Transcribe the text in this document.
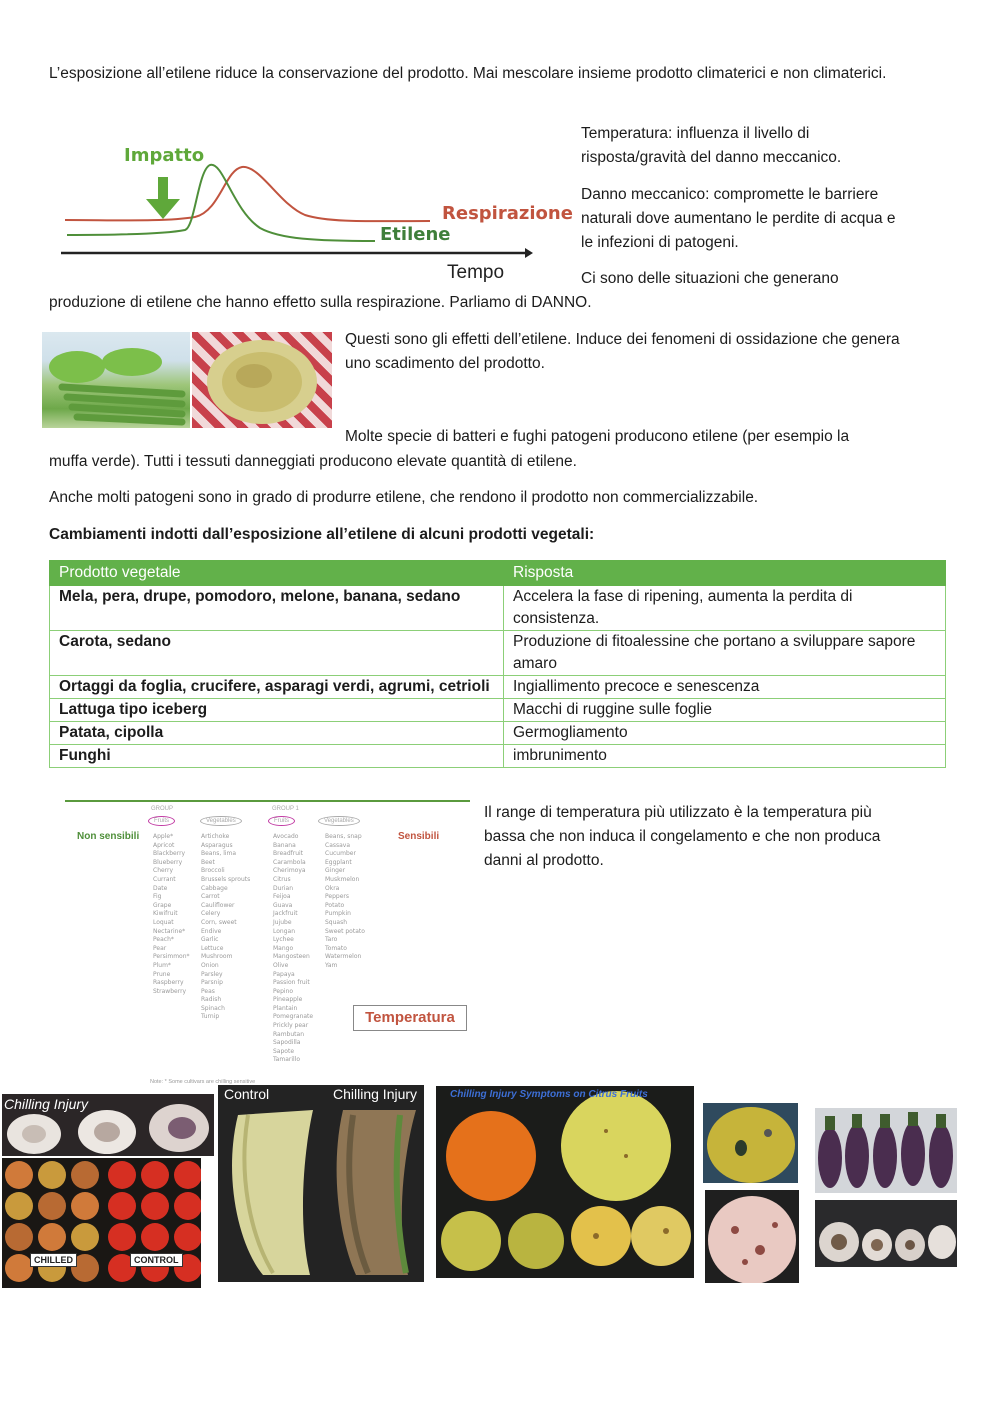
L’esposizione all’etilene riduce la conservazione del prodotto. Mai mescolare insieme prodotto climaterici e non climaterici.
Impatto
Respirazione
Etilene
Tempo
Temperatura: influenza il livello di risposta/gravità del danno meccanico.
Danno meccanico: compromette le barriere naturali dove aumentano le perdite di acqua e le infezioni di patogeni.
Ci sono delle situazioni che generano
produzione di etilene che hanno effetto sulla respirazione. Parliamo di DANNO.
Questi sono gli effetti dell’etilene. Induce dei fenomeni di ossidazione che genera uno scadimento del prodotto.
Molte specie di batteri e fughi patogeni producono etilene (per esempio la
muffa verde). Tutti i tessuti danneggiati producono elevate quantità di etilene.
Anche molti patogeni sono in grado di produrre etilene, che rendono il prodotto non commercializzabile.
Cambiamenti indotti dall’esposizione all’etilene di alcuni prodotti vegetali:
Prodotto vegetale	Risposta
Mela, pera, drupe, pomodoro, melone, banana, sedano	Accelera la fase di ripening, aumenta la perdita di consistenza.
Carota, sedano	Produzione di fitoalessine che portano a sviluppare sapore amaro
Ortaggi da foglia, crucifere, asparagi verdi, agrumi, cetrioli	Ingiallimento precoce e senescenza
Lattuga tipo iceberg	Macchi di ruggine sulle foglie
Patata, cipolla	Germogliamento
Funghi	imbrunimento
Non sensibili	Sensibili
GROUP	GROUP 1
Fruits	Vegetables	Fruits	Vegetables
Apple*
Apricot
Blackberry
Blueberry
Cherry
Currant
Date
Fig
Grape
Kiwifruit
Loquat
Nectarine*
Peach*
Pear
Persimmon*
Plum*
Prune
Raspberry
Strawberry
Artichoke
Asparagus
Beans, lima
Beet
Broccoli
Brussels sprouts
Cabbage
Carrot
Cauliflower
Celery
Corn, sweet
Endive
Garlic
Lettuce
Mushroom
Onion
Parsley
Parsnip
Peas
Radish
Spinach
Turnip
Avocado
Banana
Breadfruit
Carambola
Cherimoya
Citrus
Durian
Feijoa
Guava
Jackfruit
Jujube
Longan
Lychee
Mango
Mangosteen
Olive
Papaya
Passion fruit
Pepino
Pineapple
Plantain
Pomegranate
Prickly pear
Rambutan
Sapodilla
Sapote
Tamarillo
Beans, snap
Cassava
Cucumber
Eggplant
Ginger
Muskmelon
Okra
Peppers
Potato
Pumpkin
Squash
Sweet potato
Taro
Tomato
Watermelon
Yam
Temperatura
Note: * Some cultivars are chilling sensitive
Il range di temperatura più utilizzato è la temperatura più bassa che non induca il congelamento e che non produca danni al prodotto.
Chilling Injury
CHILLED	CONTROL
Control	Chilling Injury	Chilling Injury Symptoms on Citrus Fruits
